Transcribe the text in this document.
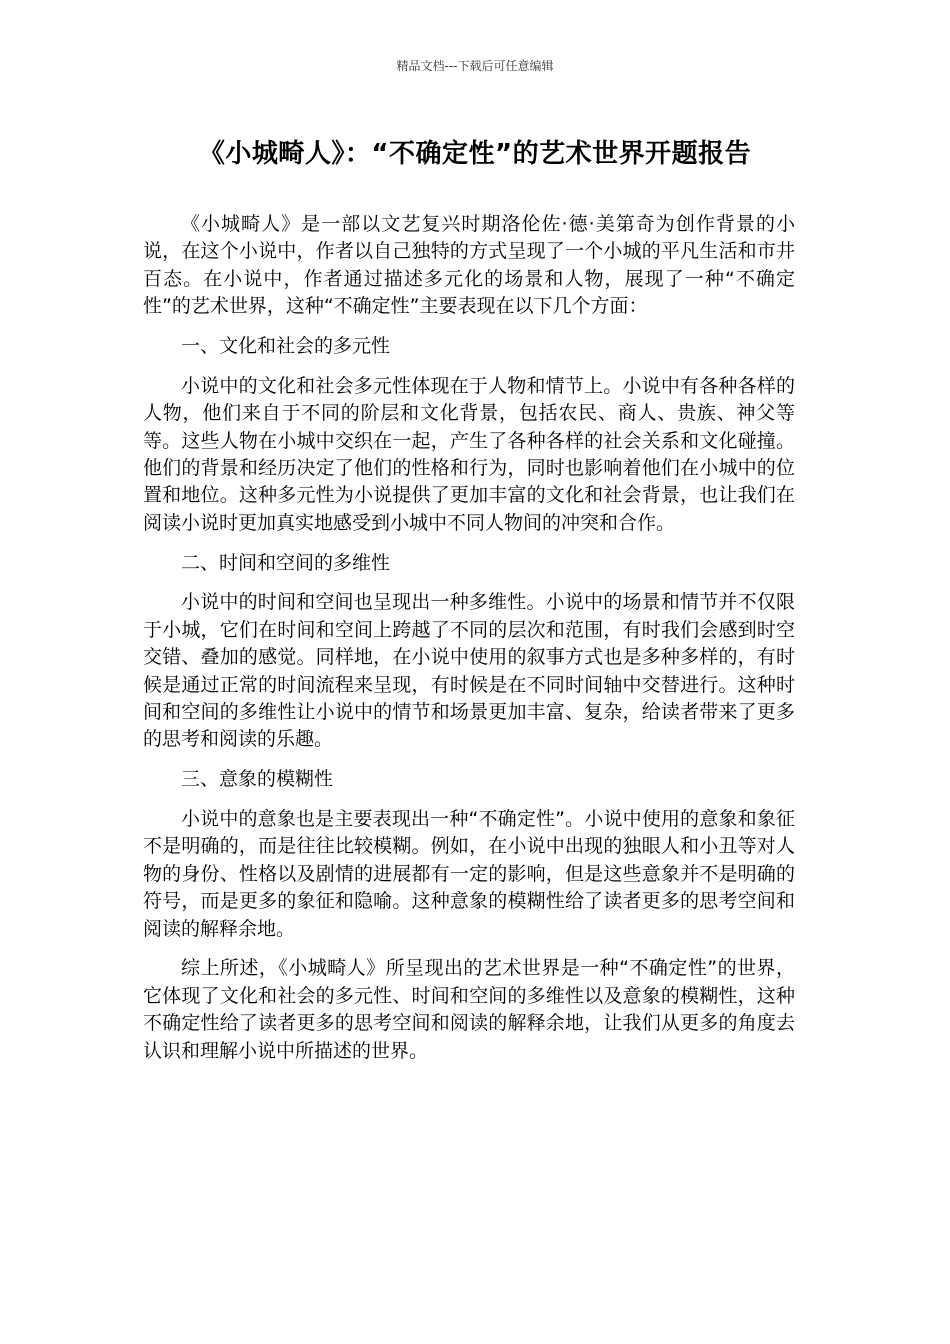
精品文档---下载后可任意编辑
《小城畸人》：“不确定性”的艺术世界开题报告

《小城畸人》是一部以文艺复兴时期洛伦佐·德·美第奇为创作背景的小说，在这个小说中，作者以自己独特的方式呈现了一个小城的平凡生活和市井百态。在小说中，作者通过描述多元化的场景和人物，展现了一种“不确定性”的艺术世界，这种“不确定性”主要表现在以下几个方面：

一、文化和社会的多元性

小说中的文化和社会多元性体现在于人物和情节上。小说中有各种各样的人物，他们来自于不同的阶层和文化背景，包括农民、商人、贵族、神父等等。这些人物在小城中交织在一起，产生了各种各样的社会关系和文化碰撞。他们的背景和经历决定了他们的性格和行为，同时也影响着他们在小城中的位置和地位。这种多元性为小说提供了更加丰富的文化和社会背景，也让我们在阅读小说时更加真实地感受到小城中不同人物间的冲突和合作。

二、时间和空间的多维性

小说中的时间和空间也呈现出一种多维性。小说中的场景和情节并不仅限于小城，它们在时间和空间上跨越了不同的层次和范围，有时我们会感到时空交错、叠加的感觉。同样地，在小说中使用的叙事方式也是多种多样的，有时候是通过正常的时间流程来呈现，有时候是在不同时间轴中交替进行。这种时间和空间的多维性让小说中的情节和场景更加丰富、复杂，给读者带来了更多的思考和阅读的乐趣。

三、意象的模糊性

小说中的意象也是主要表现出一种“不确定性”。小说中使用的意象和象征不是明确的，而是往往比较模糊。例如，在小说中出现的独眼人和小丑等对人物的身份、性格以及剧情的进展都有一定的影响，但是这些意象并不是明确的符号，而是更多的象征和隐喻。这种意象的模糊性给了读者更多的思考空间和阅读的解释余地。

综上所述，《小城畸人》所呈现出的艺术世界是一种“不确定性”的世界，它体现了文化和社会的多元性、时间和空间的多维性以及意象的模糊性，这种不确定性给了读者更多的思考空间和阅读的解释余地，让我们从更多的角度去认识和理解小说中所描述的世界。
